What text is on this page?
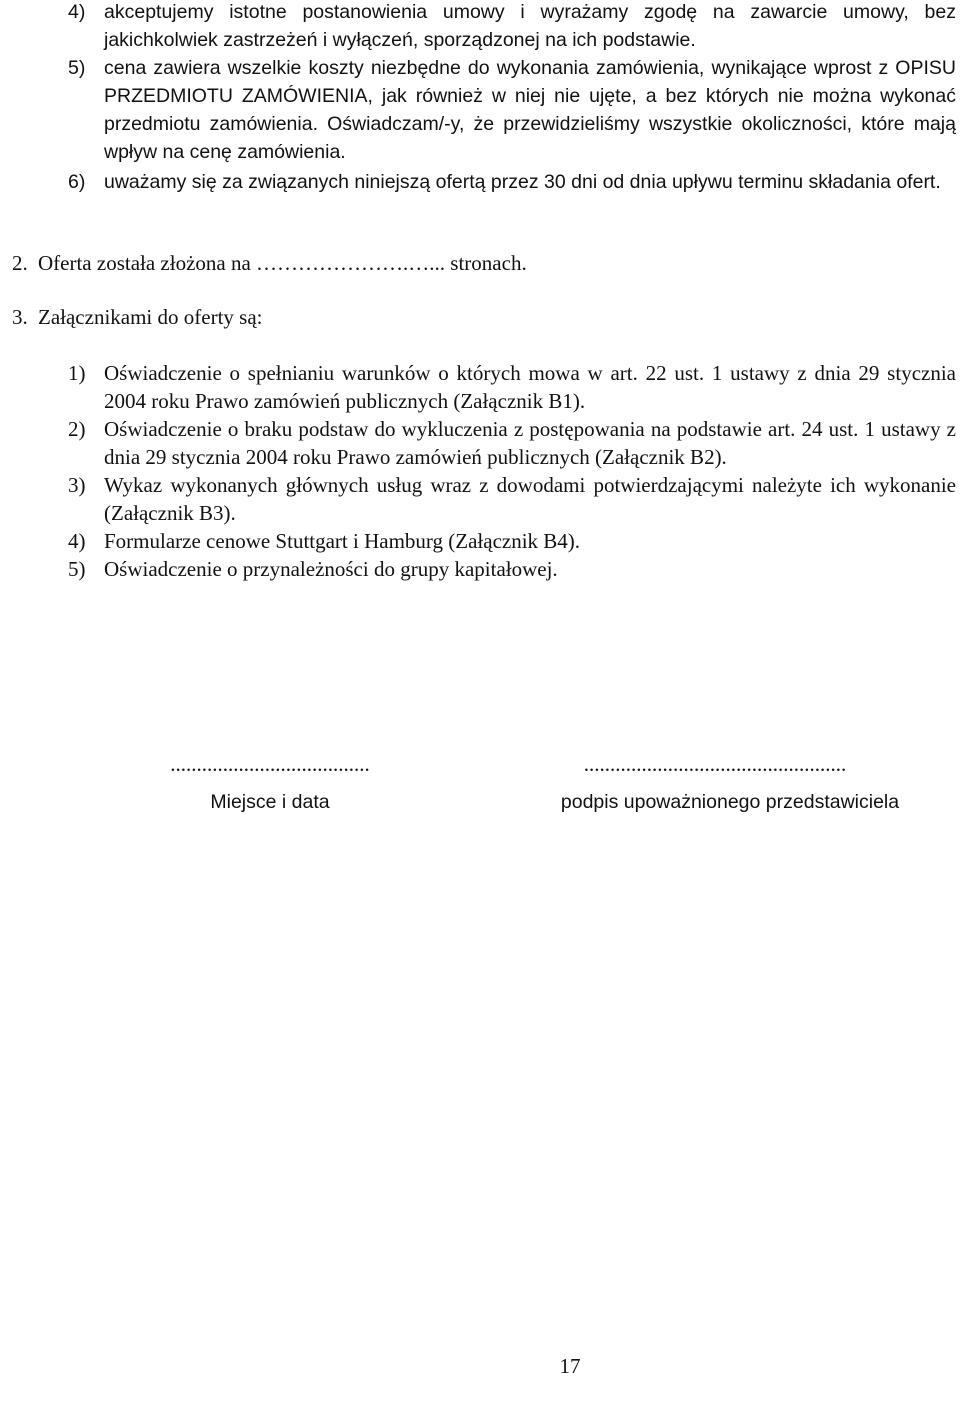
4) akceptujemy istotne postanowienia umowy i wyrażamy zgodę na zawarcie umowy, bez jakichkolwiek zastrzeżeń i wyłączeń, sporządzonej na ich podstawie.

5) cena zawiera wszelkie koszty niezbędne do wykonania zamówienia, wynikające wprost z OPISU PRZEDMIOTU ZAMÓWIENIA, jak również w niej nie ujęte, a bez których nie można wykonać przedmiotu zamówienia. Oświadczam/-y, że przewidzieliśmy wszystkie okoliczności, które mają wpływ na cenę zamówienia.

6) uważamy się za związanych niniejszą ofertą przez 30 dni od dnia upływu terminu składania ofert.

2. Oferta została złożona na ………………….…... stronach.
3. Załącznikami do oferty są:

1) Oświadczenie o spełnianiu warunków o których mowa w art. 22 ust. 1 ustawy z dnia 29 stycznia 2004 roku Prawo zamówień publicznych (Załącznik B1).

2) Oświadczenie o braku podstaw do wykluczenia z postępowania na podstawie art. 24 ust. 1 ustawy z dnia 29 stycznia 2004 roku Prawo zamówień publicznych (Załącznik B2).

3) Wykaz wykonanych głównych usług wraz z dowodami potwierdzającymi należyte ich wykonanie (Załącznik B3).

4) Formularze cenowe Stuttgart i Hamburg (Załącznik B4).

5) Oświadczenie o przynależności do grupy kapitałowej.

......................................
Miejsce i data
..................................................
podpis upoważnionego przedstawiciela
17
